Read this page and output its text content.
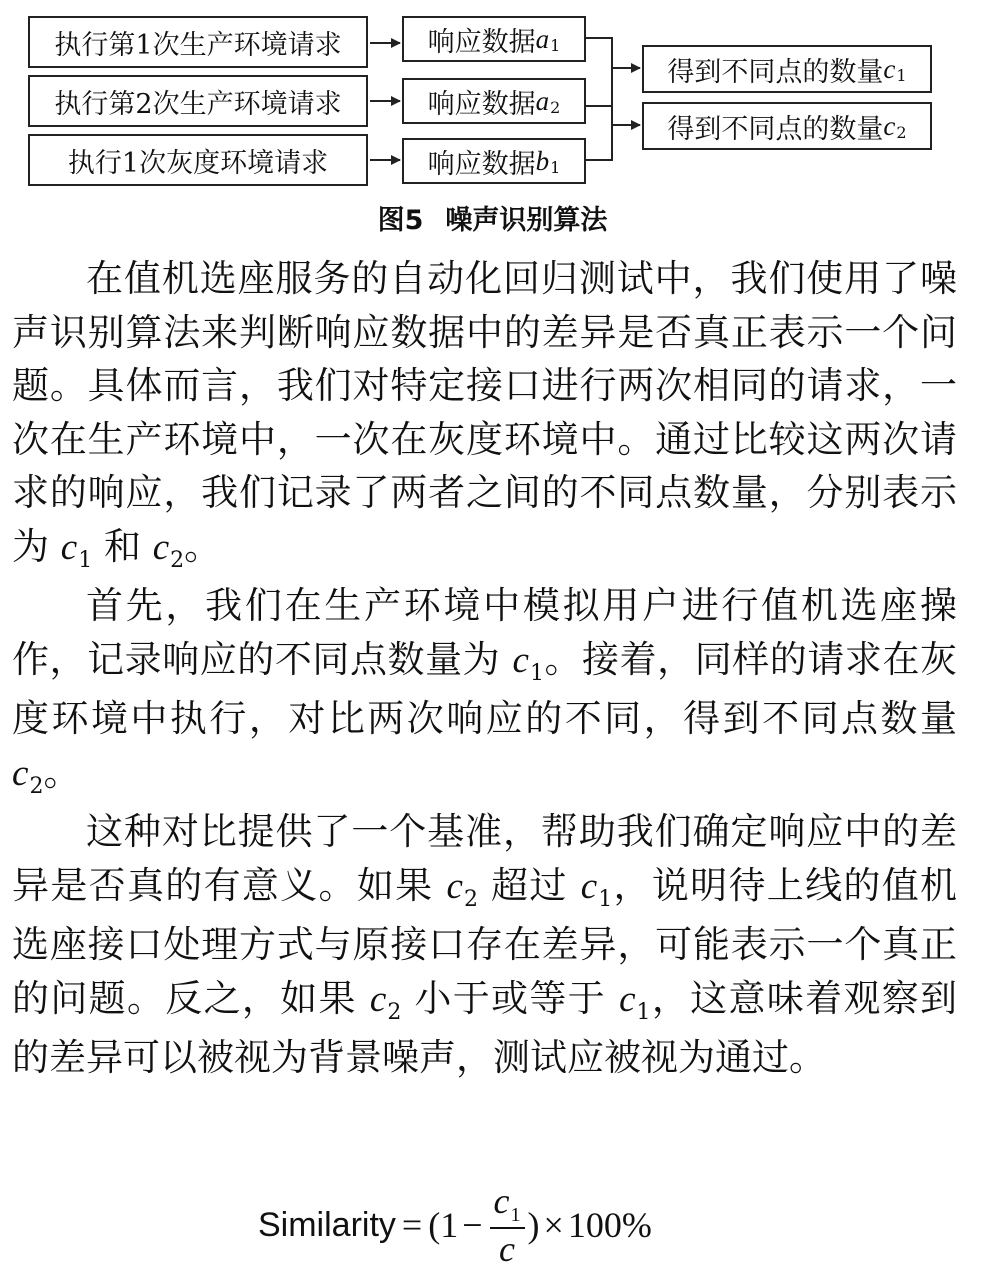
执行第1次生产环境请求
执行第2次生产环境请求
执行1次灰度环境请求
响应数据 a 1
响应数据 a 2
响应数据 b 1
得到不同点的数量 c 1
得到不同点的数量 c 2
图5 噪声识别算法

在值机选座服务的自动化回归测试中，我们使用了噪声识别算法来判断响应数据中的差异是否真正表示一个问题。具体而言，我们对特定接口进行两次相同的请求，一次在生产环境中，一次在灰度环境中。通过比较这两次请求的响应，我们记录了两者之间的不同点数量，分别表示为 $c_1$ 和 $c_2$。

首先，我们在生产环境中模拟用户进行值机选座操作，记录响应的不同点数量为 $c_1$。接着，同样的请求在灰度环境中执行，对比两次响应的不同，得到不同点数量 $c_2$。

这种对比提供了一个基准，帮助我们确定响应中的差异是否真的有意义。如果 $c_2$ 超过 $c_1$，说明待上线的值机选座接口处理方式与原接口存在差异，可能表示一个真正的问题。反之，如果 $c_2$ 小于或等于 $c_1$，这意味着观察到的差异可以被视为背景噪声，测试应被视为通过。

Similarity = ($1 - \frac{c_1}{c}$ ) × 100%
